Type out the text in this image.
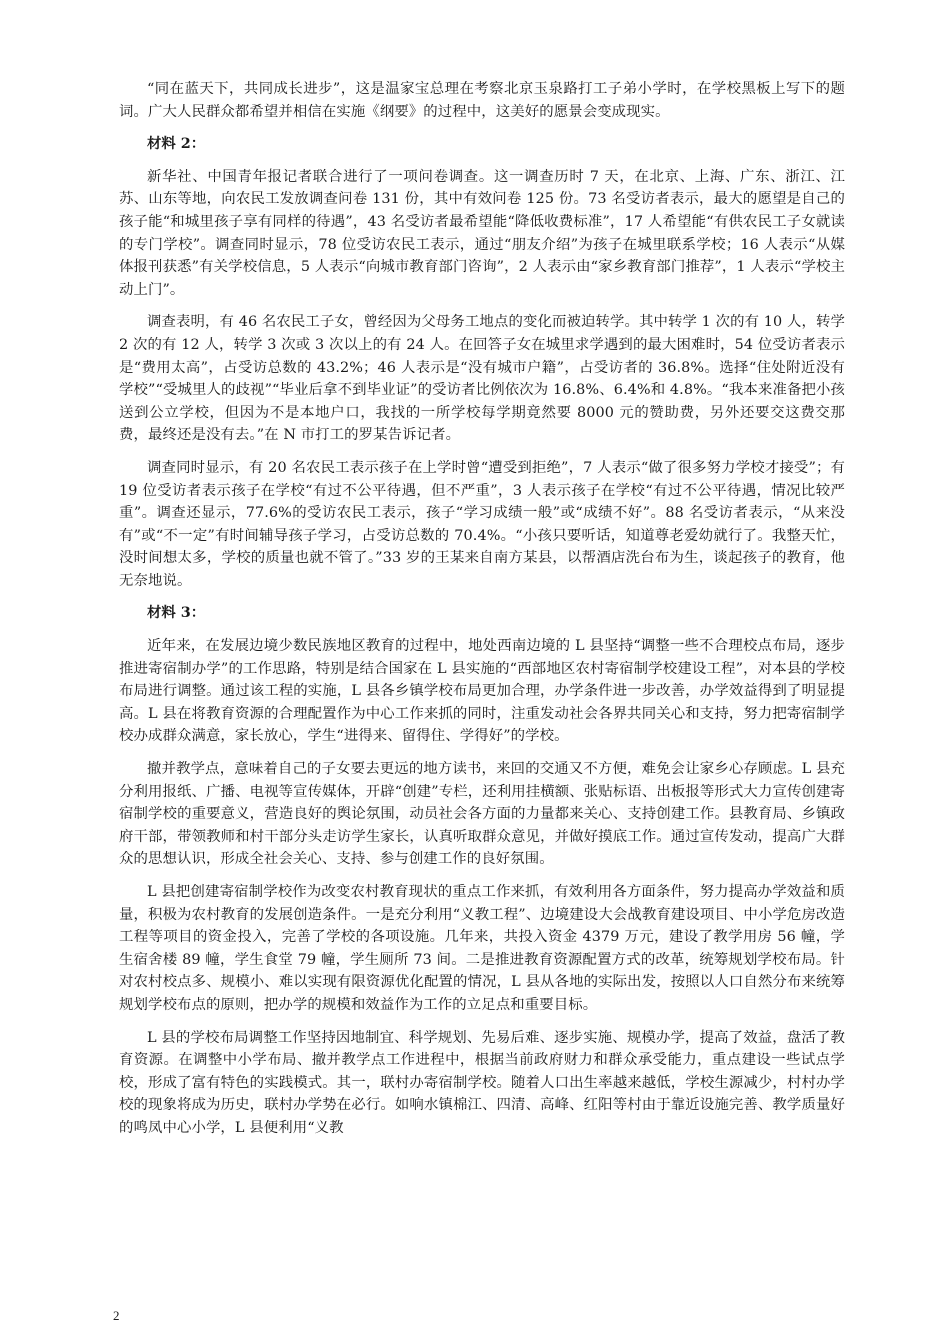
“同在蓝天下，共同成长进步”，这是温家宝总理在考察北京玉泉路打工子弟小学时，在学校黑板上写下的题词。广大人民群众都希望并相信在实施《纲要》的过程中，这美好的愿景会变成现实。

材料 2：

新华社、中国青年报记者联合进行了一项问卷调查。这一调查历时 7 天，在北京、上海、广东、浙江、江苏、山东等地，向农民工发放调查问卷 131 份，其中有效问卷 125 份。73 名受访者表示，最大的愿望是自己的孩子能“和城里孩子享有同样的待遇”，43 名受访者最希望能“降低收费标准”，17 人希望能“有供农民工子女就读的专门学校”。调查同时显示，78 位受访农民工表示，通过“朋友介绍”为孩子在城里联系学校；16 人表示“从媒体报刊获悉”有关学校信息，5 人表示“向城市教育部门咨询”，2 人表示由“家乡教育部门推荐”，1 人表示“学校主动上门”。

调查表明，有 46 名农民工子女，曾经因为父母务工地点的变化而被迫转学。其中转学 1 次的有 10 人，转学 2 次的有 12 人，转学 3 次或 3 次以上的有 24 人。在回答子女在城里求学遇到的最大困难时，54 位受访者表示是“费用太高”，占受访总数的 43.2%；46 人表示是“没有城市户籍”，占受访者的 36.8%。选择“住处附近没有学校”“受城里人的歧视”“毕业后拿不到毕业证”的受访者比例依次为 16.8%、6.4%和 4.8%。“我本来准备把小孩送到公立学校，但因为不是本地户口，我找的一所学校每学期竟然要 8000 元的赞助费，另外还要交这费交那费，最终还是没有去。”在 N 市打工的罗某告诉记者。

调查同时显示，有 20 名农民工表示孩子在上学时曾“遭受到拒绝”，7 人表示“做了很多努力学校才接受”；有 19 位受访者表示孩子在学校“有过不公平待遇，但不严重”，3 人表示孩子在学校“有过不公平待遇，情况比较严重”。调查还显示，77.6%的受访农民工表示，孩子“学习成绩一般”或“成绩不好”。88 名受访者表示，“从来没有”或“不一定”有时间辅导孩子学习，占受访总数的 70.4%。“小孩只要听话，知道尊老爱幼就行了。我整天忙，没时间想太多，学校的质量也就不管了。”33 岁的王某来自南方某县，以帮酒店洗台布为生，谈起孩子的教育，他无奈地说。

材料 3：

近年来，在发展边境少数民族地区教育的过程中，地处西南边境的 L 县坚持“调整一些不合理校点布局，逐步推进寄宿制办学”的工作思路，特别是结合国家在 L 县实施的“西部地区农村寄宿制学校建设工程”，对本县的学校布局进行调整。通过该工程的实施，L 县各乡镇学校布局更加合理，办学条件进一步改善，办学效益得到了明显提高。L 县在将教育资源的合理配置作为中心工作来抓的同时，注重发动社会各界共同关心和支持，努力把寄宿制学校办成群众满意，家长放心，学生“进得来、留得住、学得好”的学校。

撤并教学点，意味着自己的子女要去更远的地方读书，来回的交通又不方便，难免会让家乡心存顾虑。L 县充分利用报纸、广播、电视等宣传媒体，开辟“创建”专栏，还利用挂横额、张贴标语、出板报等形式大力宣传创建寄宿制学校的重要意义，营造良好的舆论氛围，动员社会各方面的力量都来关心、支持创建工作。县教育局、乡镇政府干部，带领教师和村干部分头走访学生家长，认真听取群众意见，并做好摸底工作。通过宣传发动，提高广大群众的思想认识，形成全社会关心、支持、参与创建工作的良好氛围。

L 县把创建寄宿制学校作为改变农村教育现状的重点工作来抓，有效利用各方面条件，努力提高办学效益和质量，积极为农村教育的发展创造条件。一是充分利用“义教工程”、边境建设大会战教育建设项目、中小学危房改造工程等项目的资金投入，完善了学校的各项设施。几年来，共投入资金 4379 万元，建设了教学用房 56 幢，学生宿舍楼 89 幢，学生食堂 79 幢，学生厕所 73 间。二是推进教育资源配置方式的改革，统筹规划学校布局。针对农村校点多、规模小、难以实现有限资源优化配置的情况，L 县从各地的实际出发，按照以人口自然分布来统筹规划学校布点的原则，把办学的规模和效益作为工作的立足点和重要目标。

L 县的学校布局调整工作坚持因地制宜、科学规划、先易后难、逐步实施、规模办学，提高了效益，盘活了教育资源。在调整中小学布局、撤并教学点工作进程中，根据当前政府财力和群众承受能力，重点建设一些试点学校，形成了富有特色的实践模式。其一，联村办寄宿制学校。随着人口出生率越来越低，学校生源减少，村村办学校的现象将成为历史，联村办学势在必行。如响水镇棉江、四清、高峰、红阳等村由于靠近设施完善、教学质量好的鸣凤中心小学，L 县便利用“义教

2
